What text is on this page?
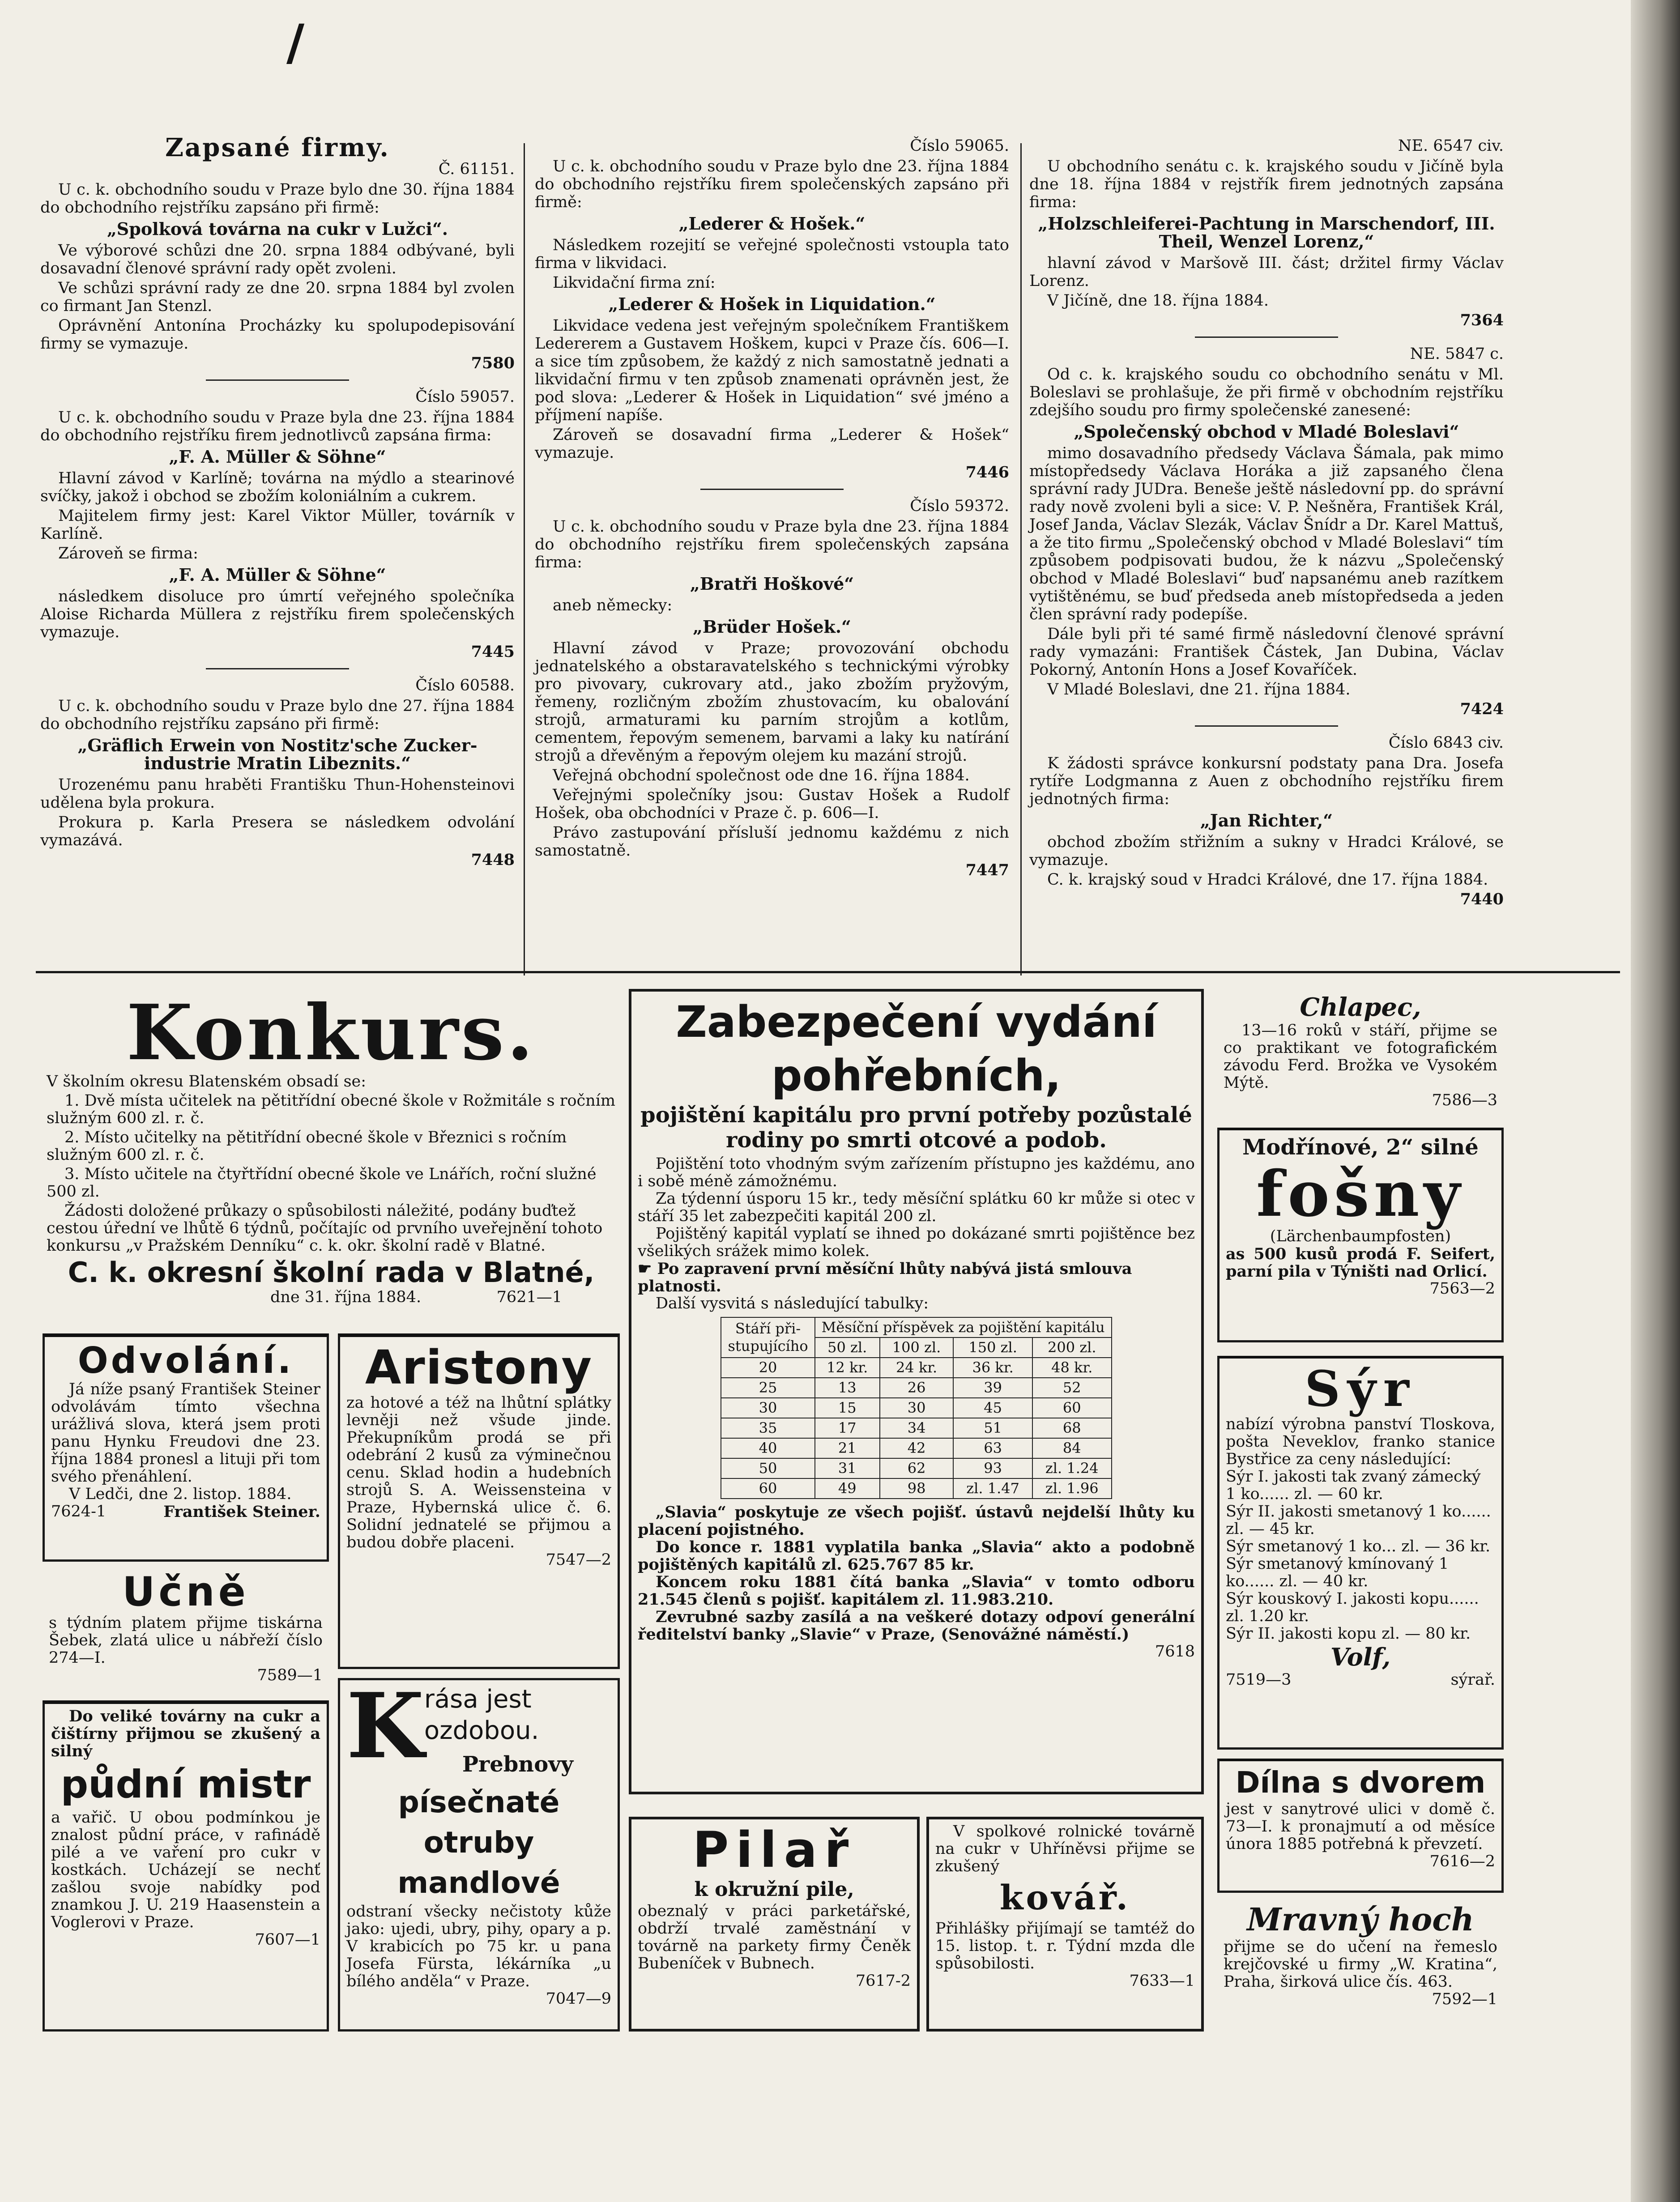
/
Zapsané firmy.
Č. 61151.

U c. k. obchodního soudu v Praze bylo dne 30. října 1884 do obchodního rejstříku zapsáno při firmě:

„Spolková továrna na cukr v Lužci“.

Ve výborové schůzi dne 20. srpna 1884 odbývané, byli dosavadní členové správní rady opět zvoleni.

Ve schůzi správní rady ze dne 20. srpna 1884 byl zvolen co firmant Jan Stenzl.

Oprávnění Antonína Procházky ku spolupodepisování firmy se vymazuje.

7580
Číslo 59057.

U c. k. obchodního soudu v Praze byla dne 23. října 1884 do obchodního rejstříku firem jednotlivců zapsána firma:

„F. A. Müller & Söhne“

Hlavní závod v Karlíně; továrna na mýdlo a stearinové svíčky, jakož i obchod se zbožím koloniálním a cukrem.

Majitelem firmy jest: Karel Viktor Müller, továrník v Karlíně.

Zároveň se firma:

„F. A. Müller & Söhne“

následkem disoluce pro úmrtí veřejného společníka Aloise Richarda Müllera z rejstříku firem společenských vymazuje.

7445
Číslo 60588.

U c. k. obchodního soudu v Praze bylo dne 27. října 1884 do obchodního rejstříku zapsáno při firmě:

„Gräflich Erwein von Nostitz'sche Zucker-industrie Mratin Libeznits.“

Urozenému panu hraběti Františku Thun-Hohensteinovi udělena byla prokura.

Prokura p. Karla Presera se následkem odvolání vymazává.

7448
Číslo 59065.

U c. k. obchodního soudu v Praze bylo dne 23. října 1884 do obchodního rejstříku firem společenských zapsáno při firmě:

„Lederer & Hošek.“

Následkem rozejití se veřejné společnosti vstoupla tato firma v likvidaci.

Likvidační firma zní:

„Lederer & Hošek in Liquidation.“

Likvidace vedena jest veřejným společníkem Františkem Ledererem a Gustavem Hoškem, kupci v Praze čís. 606—I. a sice tím způsobem, že každý z nich samostatně jednati a likvidační firmu v ten způsob znamenati oprávněn jest, že pod slova: „Lederer & Hošek in Liquidation“ své jméno a příjmení napíše.

Zároveň se dosavadní firma „Lederer & Hošek“ vymazuje.

7446
Číslo 59372.

U c. k. obchodního soudu v Praze byla dne 23. října 1884 do obchodního rejstříku firem společenských zapsána firma:

„Bratři Hoškové“

aneb německy:

„Brüder Hošek.“

Hlavní závod v Praze; provozování obchodu jednatelského a obstaravatelského s technickými výrobky pro pivovary, cukrovary atd., jako zbožím pryžovým, řemeny, rozličným zbožím zhustovacím, ku obalování strojů, armaturami ku parním strojům a kotlům, cementem, řepovým semenem, barvami a laky ku natírání strojů a dřevěným a řepovým olejem ku mazání strojů.

Veřejná obchodní společnost ode dne 16. října 1884.

Veřejnými společníky jsou: Gustav Hošek a Rudolf Hošek, oba obchodníci v Praze č. p. 606—I.

Právo zastupování přísluší jednomu každému z nich samostatně.

7447
NE. 6547 civ.

U obchodního senátu c. k. krajského soudu v Jičíně byla dne 18. října 1884 v rejstřík firem jednotných zapsána firma:

„Holzschleiferei-Pachtung in Marschendorf, III. Theil, Wenzel Lorenz,“

hlavní závod v Maršově III. část; držitel firmy Václav Lorenz.

V Jičíně, dne 18. října 1884.

7364
NE. 5847 c.

Od c. k. krajského soudu co obchodního senátu v Ml. Boleslavi se prohlašuje, že při firmě v obchodním rejstříku zdejšího soudu pro firmy společenské zanesené:

„Společenský obchod v Mladé Boleslavi“

mimo dosavadního předsedy Václava Šámala, pak mimo místopředsedy Václava Horáka a již zapsaného člena správní rady JUDra. Beneše ještě následovní pp. do správní rady nově zvoleni byli a sice: V. P. Nešněra, František Král, Josef Janda, Václav Slezák, Václav Šnídr a Dr. Karel Mattuš, a že tito firmu „Společenský obchod v Mladé Boleslavi“ tím způsobem podpisovati budou, že k názvu „Společenský obchod v Mladé Boleslavi“ buď napsanému aneb razítkem vytištěnému, se buď předseda aneb místopředseda a jeden člen správní rady podepíše.

Dále byli při té samé firmě následovní členové správní rady vymazáni: František Částek, Jan Dubina, Václav Pokorný, Antonín Hons a Josef Kovaříček.

V Mladé Boleslavi, dne 21. října 1884.

7424
Číslo 6843 civ.

K žádosti správce konkursní podstaty pana Dra. Josefa rytíře Lodgmanna z Auen z obchodního rejstříku firem jednotných firma:

„Jan Richter,“

obchod zbožím střižním a sukny v Hradci Králové, se vymazuje.

C. k. krajský soud v Hradci Králové, dne 17. října 1884.

7440
Konkurs.

V školním okresu Blatenském obsadí se:

1. Dvě místa učitelek na pětitřídní obecné škole v Rožmitále s ročním služným 600 zl. r. č.

2. Místo učitelky na pětitřídní obecné škole v Březnici s ročním služným 600 zl. r. č.

3. Místo učitele na čtyřtřídní obecné škole ve Lnářích, roční služné 500 zl.

Žádosti doložené průkazy o spůsobilosti náležité, podány buďtež cestou úřední ve lhůtě 6 týdnů, počítajíc od prvního uveřejnění tohoto konkursu „v Pražském Denníku“ c. k. okr. školní radě v Blatné.

C. k. okresní školní rada v Blatné,
dne 31. října 1884.	7621—1
Odvolání.

Já níže psaný František Steiner odvolávám tímto všechna urážlivá slova, která jsem proti panu Hynku Freudovi dne 23. října 1884 pronesl a lituji při tom svého přenáhlení.

V Ledči, dne 2. listop. 1884.

7624-1	František Steiner.
Učně

s týdním platem přijme tiskárna Šebek, zlatá ulice u nábřeží číslo 274—I.

7589—1

Do veliké továrny na cukr a čištírny přijmou se zkušený a silný

půdní mistr

a vařič. U obou podmínkou je znalost půdní práce, v rafinádě pilé a ve vaření pro cukr v kostkách. Ucházejí se nechť zašlou svoje nabídky pod znamkou J. U. 219 Haasenstein a Voglerovi v Praze.

7607—1
Aristony

za hotové a též na lhůtní splátky levněji než všude jinde. Překupníkům prodá se při odebrání 2 kusů za výminečnou cenu. Sklad hodin a hudebních strojů S. A. Weissensteina v Praze, Hybernská ulice č. 6. Solidní jednatelé se přijmou a budou dobře placeni.

7547—2
K rása jest ozdobou.
Prebnovy
písečnaté otruby
mandlové

odstraní všecky nečistoty kůže jako: ujedi, ubry, pihy, opary a p. V krabicích po 75 kr. u pana Josefa Fürsta, lékárníka „u bílého anděla“ v Praze.

7047—9
Zabezpečení vydání pohřebních,
pojištění kapitálu pro první potřeby pozůstalé rodiny po smrti otcové a podob.

Pojištění toto vhodným svým zařízením přístupno jes každému, ano i sobě méně zámožnému.

Za týdenní úsporu 15 kr., tedy měsíční splátku 60 kr může si otec v stáří 35 let zabezpečiti kapitál 200 zl.

Pojištěný kapitál vyplatí se ihned po dokázané smrti pojištěnce bez všelikých srážek mimo kolek.

☛ Po zapravení první měsíční lhůty nabývá jistá smlouva platnosti.

Další vysvitá s následující tabulky:

Stáří při-stupujícího	Měsíční příspěvek za pojištění kapitálu			
	50 zl.	100 zl.	150 zl.	200 zl.
20	12 kr.	24 kr.	36 kr.	48 kr.
25	13	26	39	52
30	15	30	45	60
35	17	34	51	68
40	21	42	63	84
50	31	62	93	zl. 1.24
60	49	98	zl. 1.47	zl. 1.96

„Slavia“ poskytuje ze všech pojišť. ústavů nejdelší lhůty ku placení pojistného.

Do konce r. 1881 vyplatila banka „Slavia“ akto a podobně pojištěných kapitálů zl. 625.767 85 kr.

Koncem roku 1881 čítá banka „Slavia“ v tomto odboru 21.545 členů s pojišť. kapitálem zl. 11.983.210.

Zevrubné sazby zasílá a na veškeré dotazy odpoví generální ředitelství banky „Slavie“ v Praze, (Senovážné náměstí.)

7618
Pilař
k okružní pile,

obeznalý v práci parketářské, obdrží trvalé zaměstnání v továrně na parkety firmy Čeněk Bubeníček v Bubnech.

7617-2

V spolkové rolnické továrně na cukr v Uhříněvsi přijme se zkušený

kovář.

Přihlášky přijímají se tamtéž do 15. listop. t. r. Týdní mzda dle spůsobilosti.

7633—1
Chlapec,

13—16 roků v stáří, přijme se co praktikant ve fotografickém závodu Ferd. Brožka ve Vysokém Mýtě.

7586—3
Modřínové, 2“ silné
fošny
(Lärchenbaumpfosten)

as 500 kusů prodá F. Seifert, parní pila v Týništi nad Orlicí.

7563—2
Sýr

nabízí výrobna panství Tloskova, pošta Neveklov, franko stanice Bystřice za ceny následující:

Sýr I. jakosti tak zvaný zámecký 1 ko...... zl. — 60 kr.
Sýr II. jakosti smetanový 1 ko...... zl. — 45 kr.
Sýr smetanový 1 ko... zl. — 36 kr.
Sýr smetanový kmínovaný 1 ko...... zl. — 40 kr.
Sýr kouskový I. jakosti kopu...... zl. 1.20 kr.
Sýr II. jakosti kopu zl. — 80 kr.
Volf,
7519—3	sýrař.
Dílna s dvorem

jest v sanytrové ulici v domě č. 73—I. k pronajmutí a od měsíce února 1885 potřebná k převzetí.

7616—2
Mravný hoch

přijme se do učení na řemeslo krejčovské u firmy „W. Kratina“, Praha, širková ulice čís. 463.

7592—1
